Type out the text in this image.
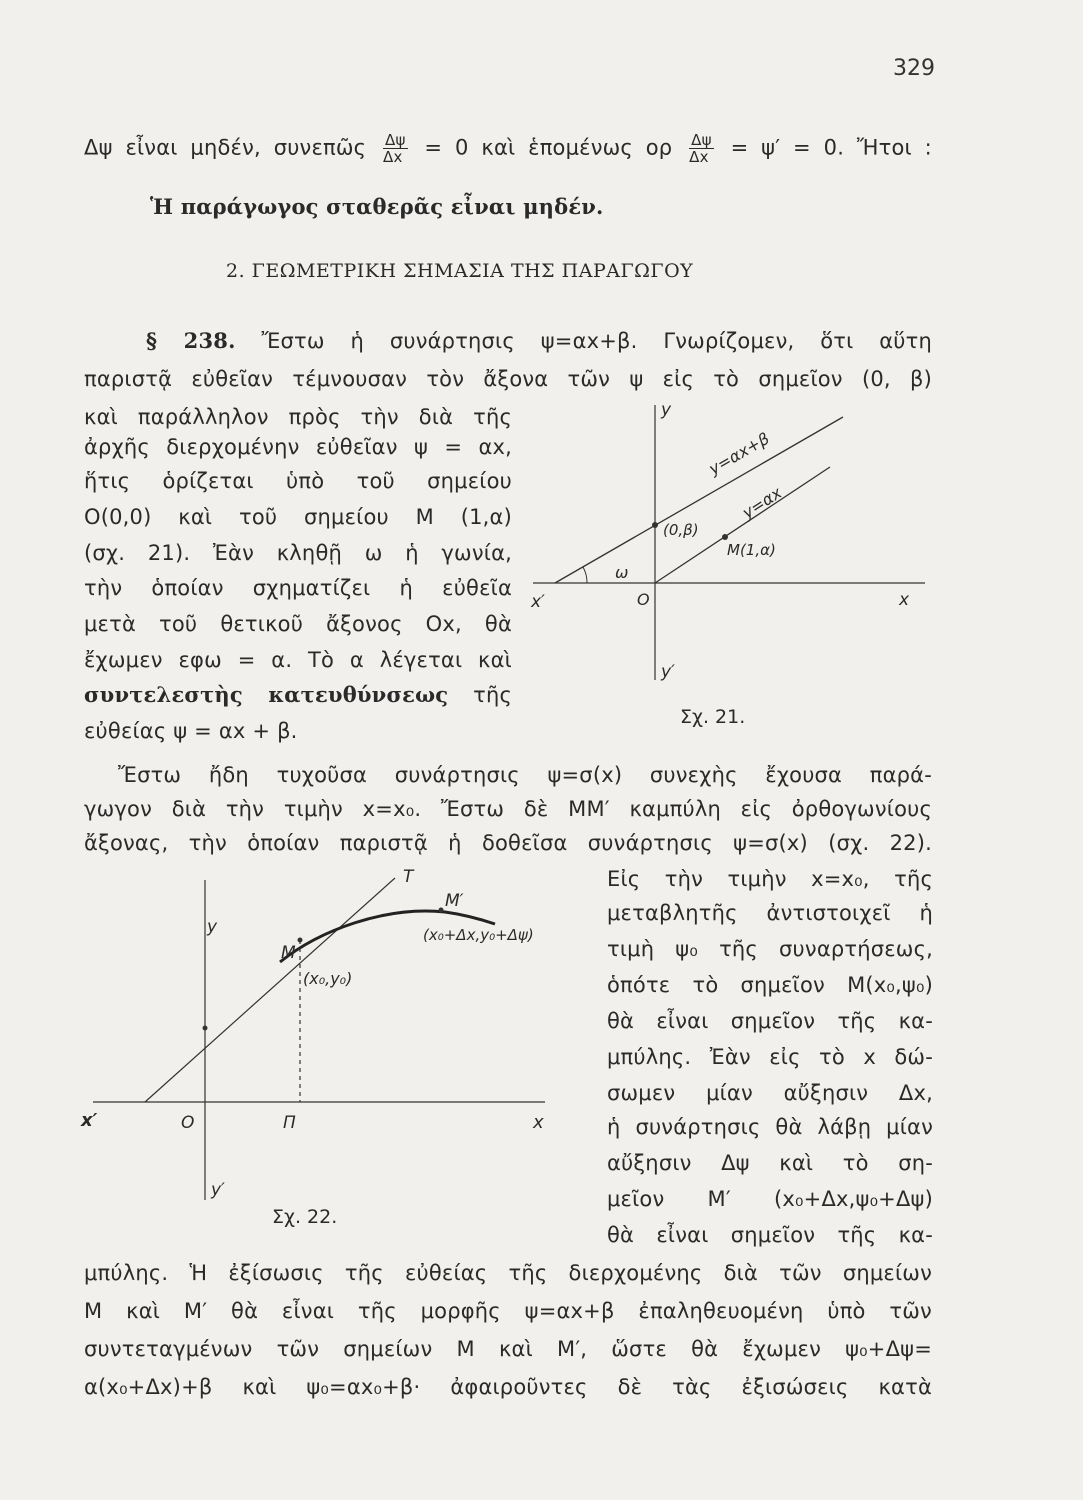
329
Δψ εἶναι μηδέν, συνεπῶς $\frac{\Delta\psi}{\Delta x} = 0$ καὶ ἑπομένως ορ $\frac{\Delta\psi}{\Delta x} = \psi' = 0$. Ἤτοι :
Ἡ παράγωγος σταθερᾶς εἶναι μηδέν.
2. ΓΕΩΜΕΤΡΙΚΗ ΣΗΜΑΣΙΑ ΤΗΣ ΠΑΡΑΓΩΓΟΥ
§ 238. Ἔστω ἡ συνάρτησις ψ=αx+β. Γνωρίζομεν, ὅτι αὕτη
παριστᾷ εὐθεῖαν τέμνουσαν τὸν ἄξονα τῶν ψ εἰς τὸ σημεῖον (0, β)
καὶ παράλληλον πρὸς τὴν διὰ τῆς
ἀρχῆς διερχομένην εὐθεῖαν ψ = αx,
ἥτις ὁρίζεται ὑπὸ τοῦ σημείου
O(0,0) καὶ τοῦ σημείου M (1,α)
(σχ. 21). Ἐὰν κληθῇ ω ἡ γωνία,
τὴν ὁποίαν σχηματίζει ἡ εὐθεῖα
μετὰ τοῦ θετικοῦ ἄξονος Ox, θὰ
ἔχωμεν εφω = α. Τὸ α λέγεται καὶ
συντελεστὴς κατευθύνσεως τῆς
εὐθείας ψ = αx + β.
y
y′
x
x′	O
y=αx+β
y=αx
(0,β)
M(1,α)
ω
Σχ. 21.
Ἔστω ἤδη τυχοῦσα συνάρτησις ψ=σ(x) συνεχὴς ἔχουσα παρά-
γωγον διὰ τὴν τιμὴν x=x₀. Ἔστω δὲ MM′ καμπύλη εἰς ὀρθογωνίους
ἄξονας, τὴν ὁποίαν παριστᾷ ἡ δοθεῖσα συνάρτησις ψ=σ(x) (σχ. 22).
Εἰς τὴν τιμὴν x=x₀, τῆς
μεταβλητῆς ἀντιστοιχεῖ ἡ
τιμὴ ψ₀ τῆς συναρτήσεως,
ὁπότε τὸ σημεῖον M(x₀,ψ₀)
θὰ εἶναι σημεῖον τῆς κα-
μπύλης. Ἐὰν εἰς τὸ x δώ-
σωμεν μίαν αὔξησιν Δx,
ἡ συνάρτησις θὰ λάβῃ μίαν
αὔξησιν Δψ καὶ τὸ ση-
μεῖον M′ (x₀+Δx,ψ₀+Δψ)
θὰ εἶναι σημεῖον τῆς κα-
y
y′
x
x′	O	Π
T
M
M′
(x₀,y₀)
(x₀+Δx,y₀+Δψ)
Σχ. 22.
μπύλης. Ἡ ἐξίσωσις τῆς εὐθείας τῆς διερχομένης διὰ τῶν σημείων
M καὶ M′ θὰ εἶναι τῆς μορφῆς ψ=αx+β ἐπαληθευομένη ὑπὸ τῶν
συντεταγμένων τῶν σημείων M καὶ M′, ὥστε θὰ ἔχωμεν ψ₀+Δψ=
α(x₀+Δx)+β καὶ ψ₀=αx₀+β· ἀφαιροῦντες δὲ τὰς ἐξισώσεις κατὰ
